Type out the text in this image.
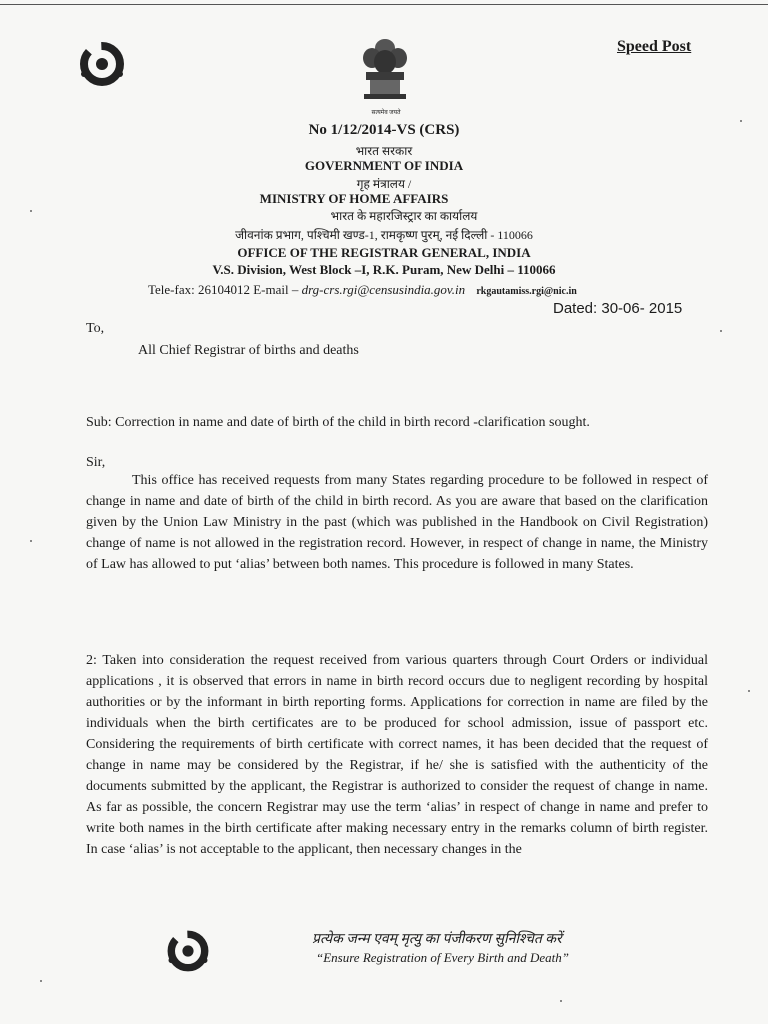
सत्यमेव जयते
Speed Post
No 1/12/2014-VS (CRS)
भारत सरकार
GOVERNMENT OF INDIA
गृह मंत्रालय /
MINISTRY OF HOME AFFAIRS
भारत के महारजिस्ट्रार का कार्यालय
जीवनांक प्रभाग, पश्चिमी खण्ड-1, रामकृष्ण पुरम्, नई दिल्ली - 110066
OFFICE OF THE REGISTRAR GENERAL, INDIA
V.S. Division, West Block –I, R.K. Puram, New Delhi – 110066
Tele-fax: 26104012 E-mail – drg-crs.rgi@censusindia.gov.in rkgautamiss.rgi@nic.in
Dated: 30-06- 2015
To,
All Chief Registrar of births and deaths
Sub: Correction in name and date of birth of the child in birth record -clarification sought.
Sir,
This office has received requests from many States regarding procedure to be followed in respect of change in name and date of birth of the child in birth record. As you are aware that based on the clarification given by the Union Law Ministry in the past (which was published in the Handbook on Civil Registration) change of name is not allowed in the registration record. However, in respect of change in name, the Ministry of Law has allowed to put ‘alias’ between both names. This procedure is followed in many States.
2: Taken into consideration the request received from various quarters through Court Orders or individual applications , it is observed that errors in name in birth record occurs due to negligent recording by hospital authorities or by the informant in birth reporting forms. Applications for correction in name are filed by the individuals when the birth certificates are to be produced for school admission, issue of passport etc. Considering the requirements of birth certificate with correct names, it has been decided that the request of change in name may be considered by the Registrar, if he/ she is satisfied with the authenticity of the documents submitted by the applicant, the Registrar is authorized to consider the request of change in name. As far as possible, the concern Registrar may use the term ‘alias’ in respect of change in name and prefer to write both names in the birth certificate after making necessary entry in the remarks column of birth register. In case ‘alias’ is not acceptable to the applicant, then necessary changes in the
प्रत्येक जन्म एवम् मृत्यु का पंजीकरण सुनिश्चित करें
“Ensure Registration of Every Birth and Death”
